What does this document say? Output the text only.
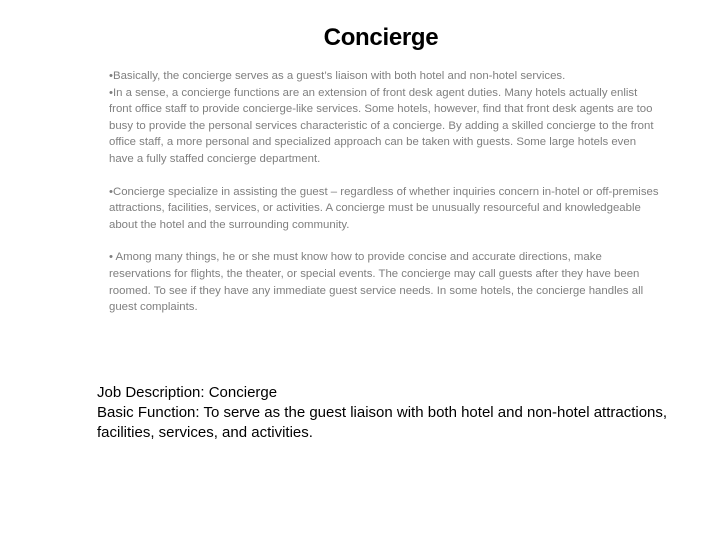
Concierge

•Basically, the concierge serves as a guest’s liaison with both hotel and non-hotel services.

•In a sense, a concierge functions are an extension of front desk agent duties. Many hotels actually enlist front office staff to provide concierge-like services. Some hotels, however, find that front desk agents are too busy to provide the personal services characteristic of a concierge. By adding a skilled concierge to the front office staff, a more personal and specialized approach can be taken with guests. Some large hotels even have a fully staffed concierge department.

•Concierge specialize in assisting the guest – regardless of whether inquiries concern in-hotel or off-premises attractions, facilities, services, or activities. A concierge must be unusually resourceful and knowledgeable about the hotel and the surrounding community.

• Among many things, he or she must know how to provide concise and accurate directions, make reservations for flights, the theater, or special events. The concierge may call guests after they have been roomed. To see if they have any immediate guest service needs. In some hotels, the concierge handles all guest complaints.

Job Description: Concierge

Basic Function: To serve as the guest liaison with both hotel and non-hotel attractions, facilities, services, and activities.
